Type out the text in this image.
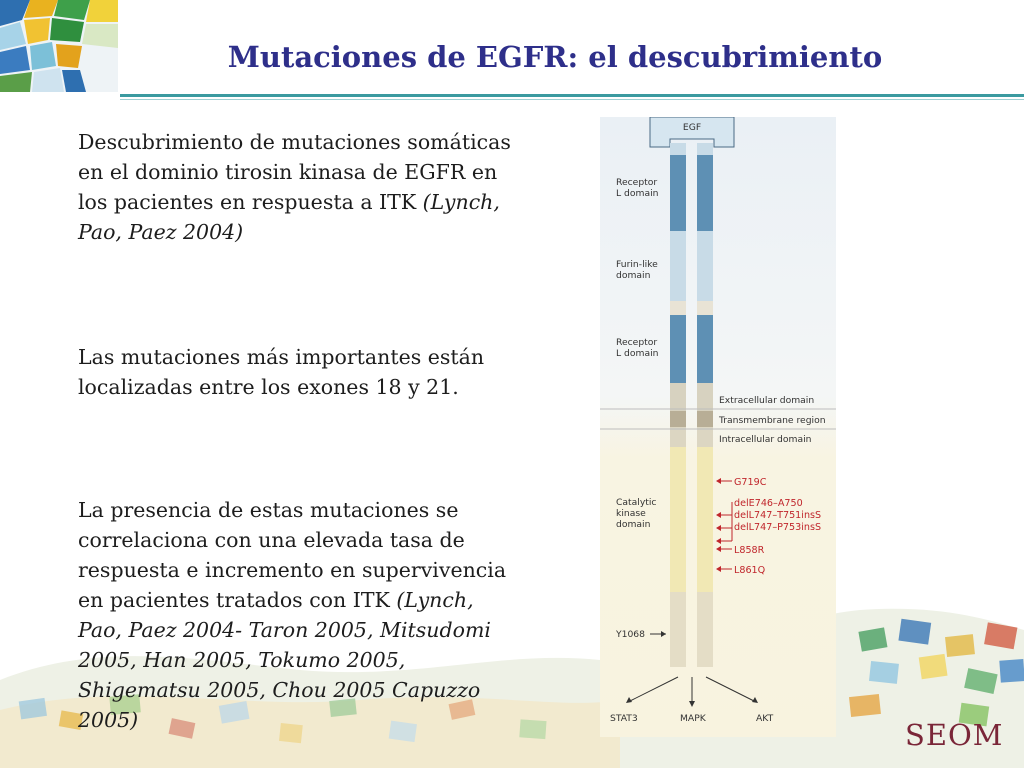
Mutaciones de EGFR: el descubrimiento

Descubrimiento de mutaciones somáticas en el dominio tirosin kinasa de EGFR en los pacientes en respuesta a ITK (Lynch, Pao, Paez 2004)

Las mutaciones más importantes están localizadas entre los exones 18 y 21.

La presencia de estas mutaciones se correlaciona con una elevada tasa de respuesta e incremento en supervivencia en pacientes tratados con ITK (Lynch, Pao, Paez 2004- Taron 2005, Mitsudomi 2005, Han 2005, Tokumo 2005, Shigematsu 2005, Chou 2005 Capuzzo 2005)

EGF
Receptor L domain
Furin-like domain
Receptor L domain
Catalytic kinase domain
Y1068
Extracellular domain
Transmembrane region
Intracellular domain
G719C
delE746–A750
delL747–T751insS
delL747–P753insS
L858R
L861Q
STAT3	MAPK	AKT	SEOM
